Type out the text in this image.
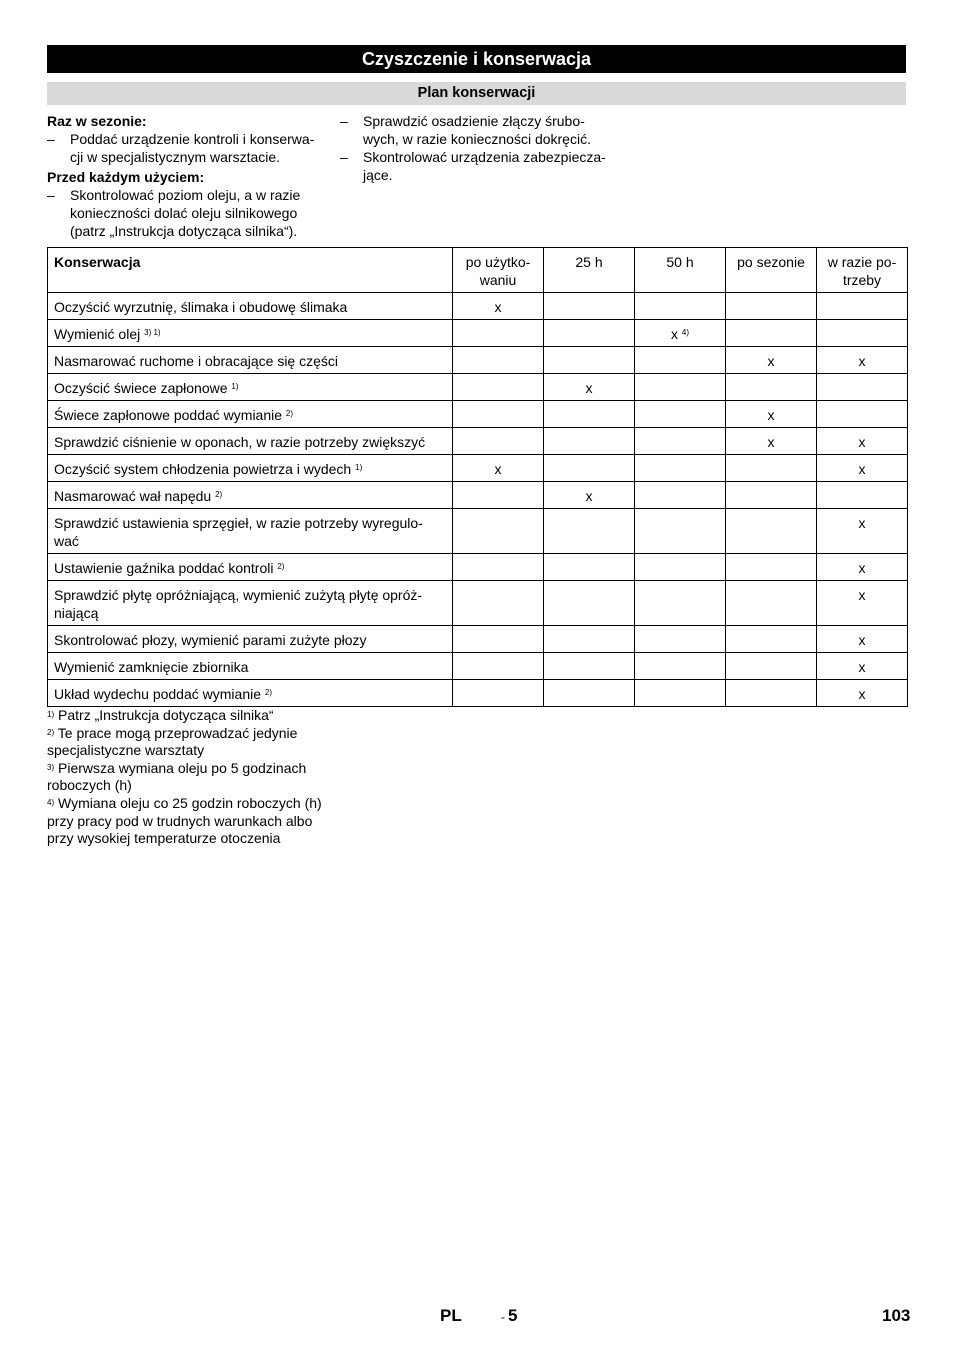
Czyszczenie i konserwacja
Plan konserwacji
Raz w sezonie:
– Poddać urządzenie kontroli i konserwa-
cji w specjalistycznym warsztacie.
Przed każdym użyciem:
– Skontrolować poziom oleju, a w razie
konieczności dolać oleju silnikowego
(patrz „Instrukcja dotycząca silnika“).
– Sprawdzić osadzienie złączy śrubo-
wych, w razie konieczności dokręcić.
– Skontrolować urządzenia zabezpiecza-
jące.
Konserwacja	po użytko-
waniu	25 h	50 h	po sezonie	w razie po-
trzeby
Oczyścić wyrzutnię, ślimaka i obudowę ślimaka	x				
Wymienić olej $^{3) 1)}$			x $^{4)}$		
Nasmarować ruchome i obracające się części				x	x
Oczyścić świece zapłonowe $^{1)}$		x			
Świece zapłonowe poddać wymianie $^{2)}$				x	
Sprawdzić ciśnienie w oponach, w razie potrzeby zwiększyć				x	x
Oczyścić system chłodzenia powietrza i wydech $^{1)}$	x				x
Nasmarować wał napędu $^{2)}$		x			
Sprawdzić ustawienia sprzęgieł, w razie potrzeby wyregulo-
wać					x
Ustawienie gaźnika poddać kontroli $^{2)}$					x
Sprawdzić płytę opróżniającą, wymienić zużytą płytę opróż-
niającą					x
Skontrolować płozy, wymienić parami zużyte płozy					x
Wymienić zamknięcie zbiornika					x
Układ wydechu poddać wymianie $^{2)}$					x
$^{1)}$ Patrz „Instrukcja dotycząca silnika“
$^{2)}$ Te prace mogą przeprowadzać jedynie specjalistyczne warsztaty
$^{3)}$ Pierwsza wymiana oleju po 5 godzinach roboczych (h)
$^{4)}$ Wymiana oleju co 25 godzin roboczych (h) przy pracy pod w trudnych warunkach albo przy wysokiej temperaturze otoczenia
PL	- 5	103
